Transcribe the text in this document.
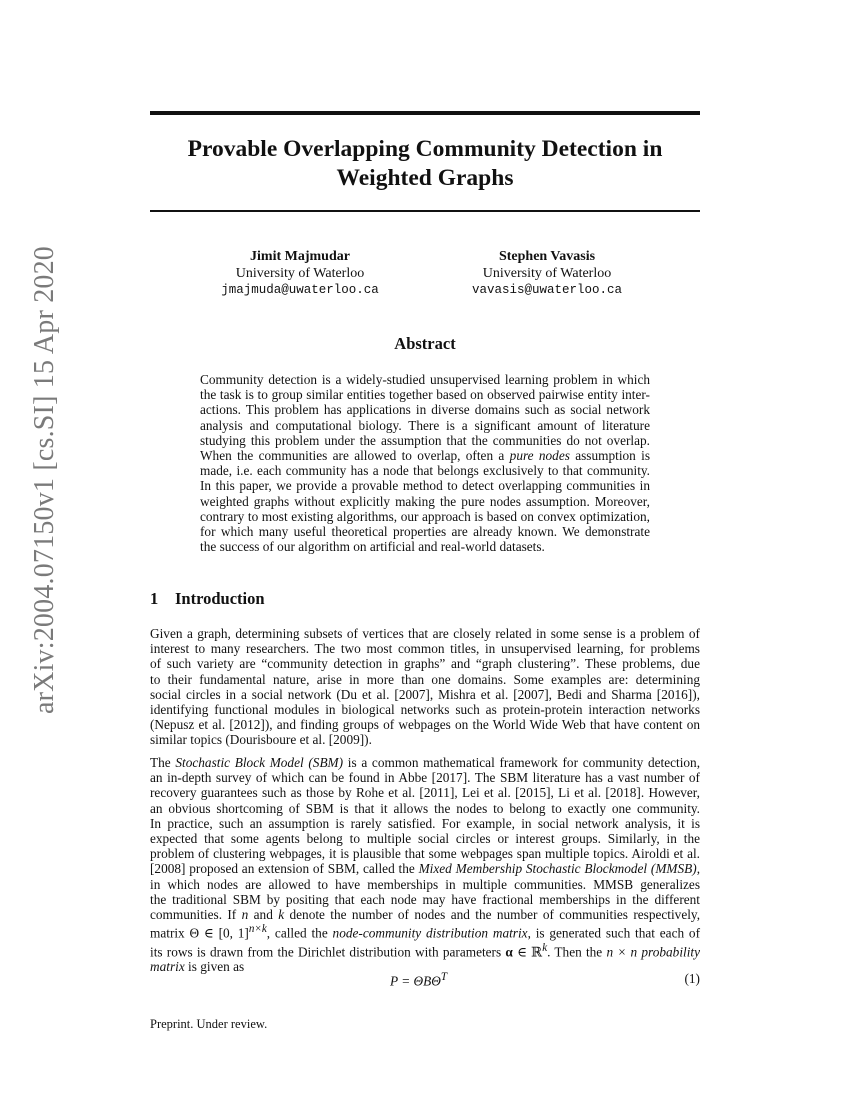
arXiv:2004.07150v1 [cs.SI] 15 Apr 2020
Provable Overlapping Community Detection in
Weighted Graphs
Jimit Majmudar
University of Waterloo
jmajmuda@uwaterloo.ca
Stephen Vavasis
University of Waterloo
vavasis@uwaterloo.ca
Abstract
Community detection is a widely-studied unsupervised learning problem in which
the task is to group similar entities together based on observed pairwise entity inter-
actions. This problem has applications in diverse domains such as social network
analysis and computational biology. There is a significant amount of literature
studying this problem under the assumption that the communities do not overlap.
When the communities are allowed to overlap, often a pure nodes assumption is
made, i.e. each community has a node that belongs exclusively to that community.
In this paper, we provide a provable method to detect overlapping communities in
weighted graphs without explicitly making the pure nodes assumption. Moreover,
contrary to most existing algorithms, our approach is based on convex optimization,
for which many useful theoretical properties are already known. We demonstrate
the success of our algorithm on artificial and real-world datasets.
1 Introduction
Given a graph, determining subsets of vertices that are closely related in some sense is a problem of
interest to many researchers. The two most common titles, in unsupervised learning, for problems
of such variety are “community detection in graphs” and “graph clustering”. These problems, due
to their fundamental nature, arise in more than one domains. Some examples are: determining
social circles in a social network (Du et al. [2007], Mishra et al. [2007], Bedi and Sharma [2016]),
identifying functional modules in biological networks such as protein-protein interaction networks
(Nepusz et al. [2012]), and finding groups of webpages on the World Wide Web that have content on
similar topics (Dourisboure et al. [2009]).
The Stochastic Block Model (SBM) is a common mathematical framework for community detection,
an in-depth survey of which can be found in Abbe [2017]. The SBM literature has a vast number of
recovery guarantees such as those by Rohe et al. [2011], Lei et al. [2015], Li et al. [2018]. However,
an obvious shortcoming of SBM is that it allows the nodes to belong to exactly one community.
In practice, such an assumption is rarely satisfied. For example, in social network analysis, it is
expected that some agents belong to multiple social circles or interest groups. Similarly, in the
problem of clustering webpages, it is plausible that some webpages span multiple topics. Airoldi et al.
[2008] proposed an extension of SBM, called the Mixed Membership Stochastic Blockmodel (MMSB),
in which nodes are allowed to have memberships in multiple communities. MMSB generalizes
the traditional SBM by positing that each node may have fractional memberships in the different
communities. If n and k denote the number of nodes and the number of communities respectively,
matrix Θ ∈ [0, 1]$^{n\times k}$, called the node-community distribution matrix, is generated such that each of
its rows is drawn from the Dirichlet distribution with parameters α ∈ ℝ$^k$. Then the n × n probability
matrix is given as
$P = \Theta B\Theta^T$	(1)
Preprint. Under review.
